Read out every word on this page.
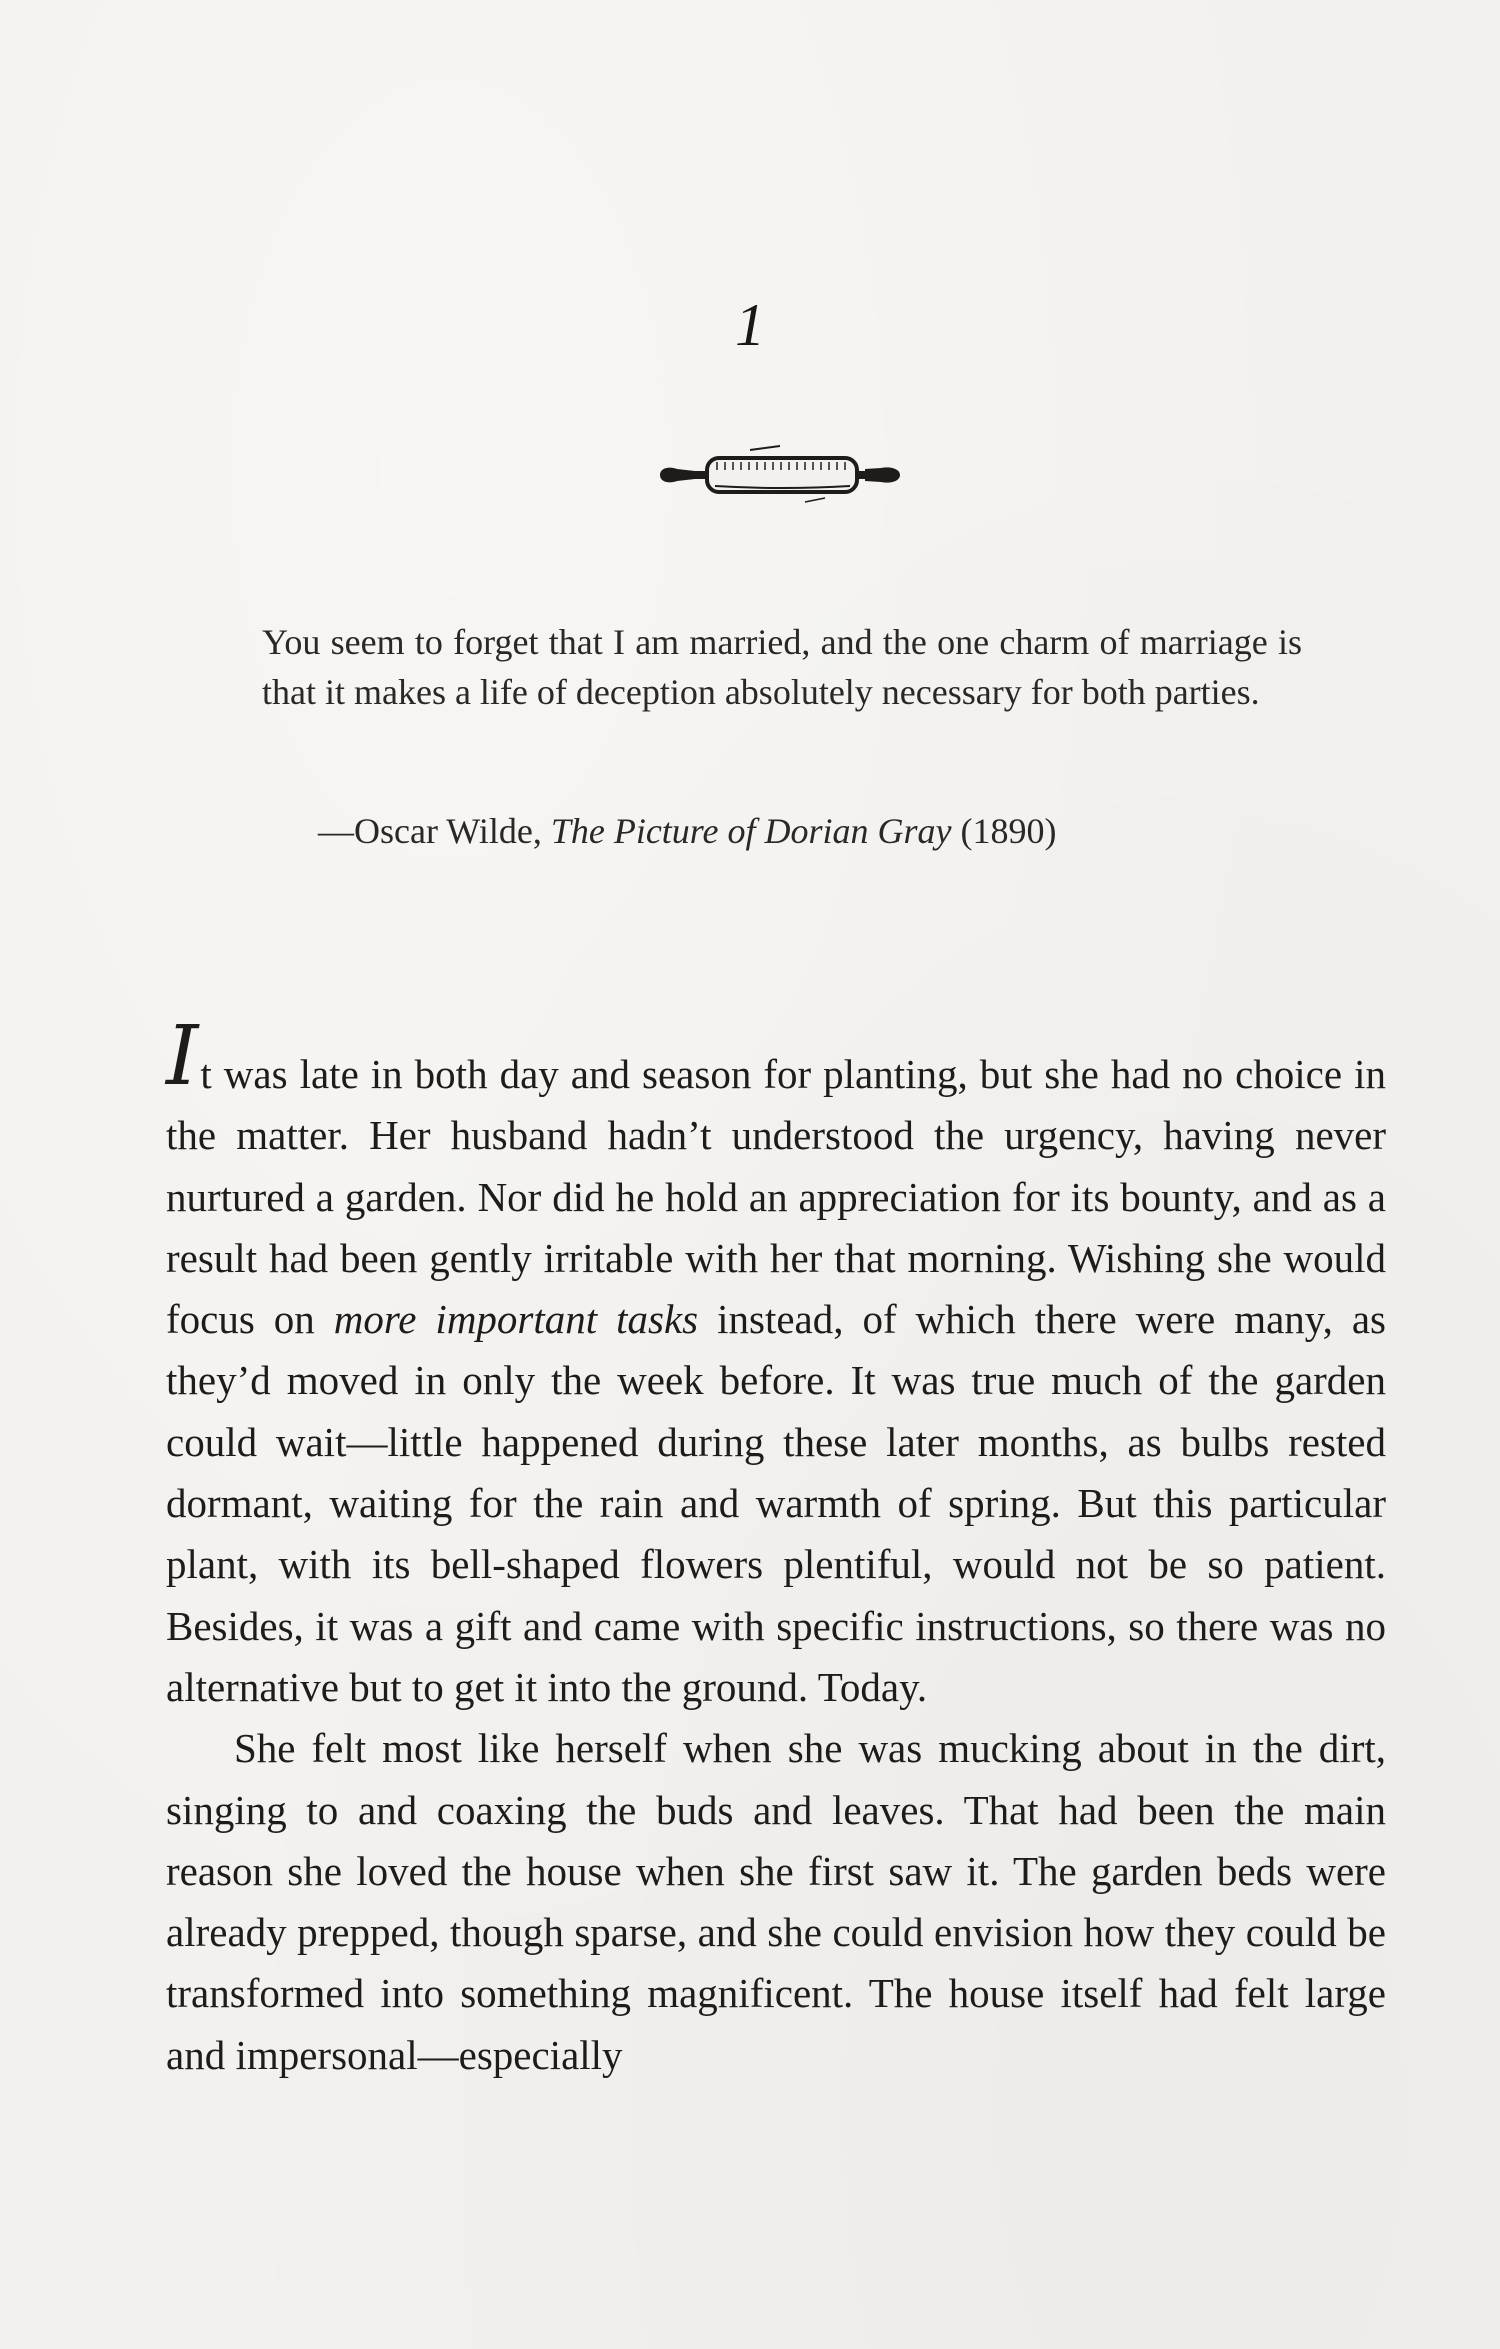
1

You seem to forget that I am married, and the one charm of marriage is that it makes a life of deception absolutely necessary for both parties.

—Oscar Wilde, The Picture of Dorian Gray (1890)

It was late in both day and season for planting, but she had no choice in the matter. Her husband hadn’t understood the urgency, having never nurtured a garden. Nor did he hold an appreciation for its bounty, and as a result had been gently irritable with her that morning. Wishing she would focus on more important tasks instead, of which there were many, as they’d moved in only the week before. It was true much of the garden could wait—little happened during these later months, as bulbs rested dormant, waiting for the rain and warmth of spring. But this particular plant, with its bell-shaped flowers plentiful, would not be so patient. Besides, it was a gift and came with specific instructions, so there was no alternative but to get it into the ground. Today.

She felt most like herself when she was mucking about in the dirt, singing to and coaxing the buds and leaves. That had been the main reason she loved the house when she first saw it. The garden beds were already prepped, though sparse, and she could envision how they could be transformed into something magnificent. The house itself had felt large and impersonal—especially
